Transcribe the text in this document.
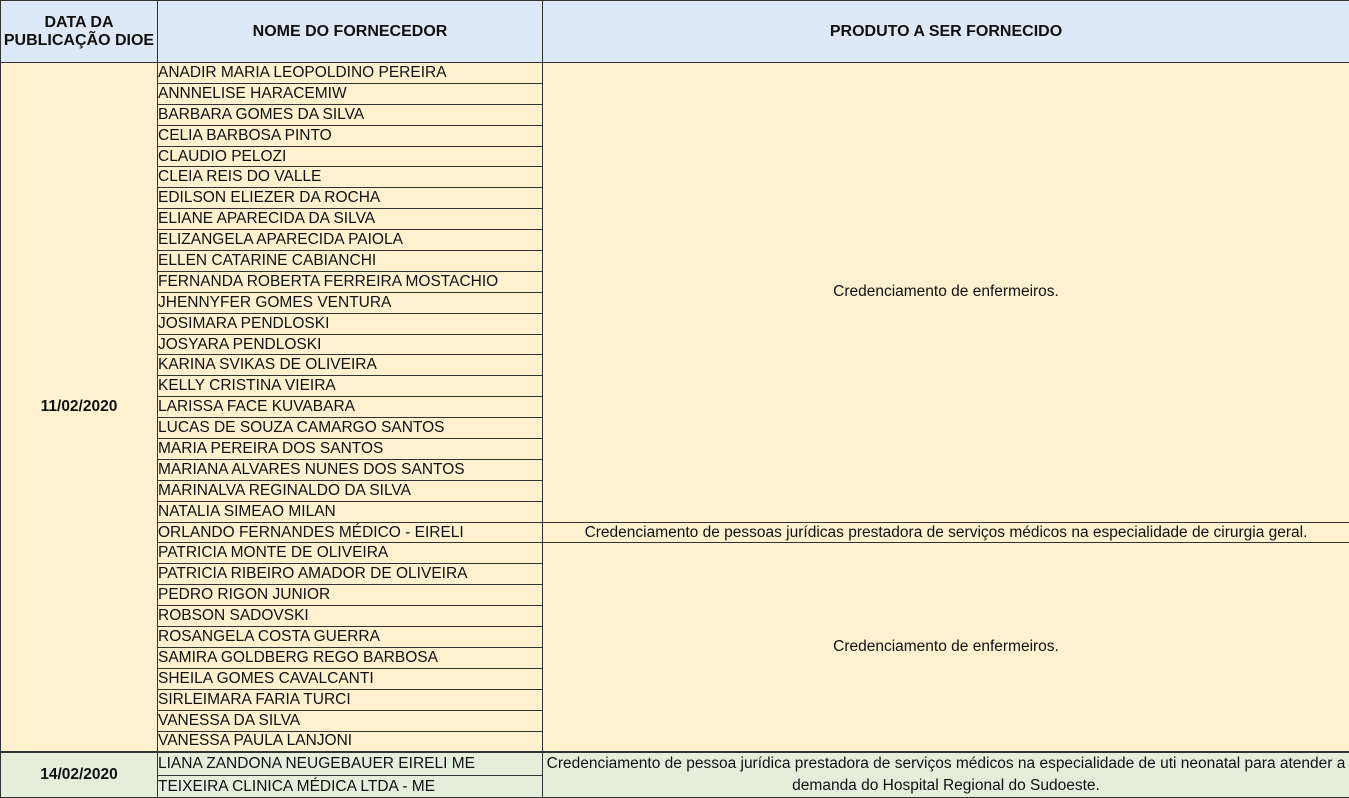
DATA DA PUBLICAÇÃO DIOE	NOME DO FORNECEDOR	PRODUTO A SER FORNECIDO
11/02/2020	ANADIR MARIA LEOPOLDINO PEREIRA	Credenciamento de enfermeiros.
	ANNNELISE HARACEMIW	
	BARBARA GOMES DA SILVA	
	CELIA BARBOSA PINTO	
	CLAUDIO PELOZI	
	CLEIA REIS DO VALLE	
	EDILSON ELIEZER DA ROCHA	
	ELIANE APARECIDA DA SILVA	
	ELIZANGELA APARECIDA PAIOLA	
	ELLEN CATARINE CABIANCHI	
	FERNANDA ROBERTA FERREIRA MOSTACHIO	
	JHENNYFER GOMES VENTURA	
	JOSIMARA PENDLOSKI	
	JOSYARA PENDLOSKI	
	KARINA SVIKAS DE OLIVEIRA	
	KELLY CRISTINA VIEIRA	
	LARISSA FACE KUVABARA	
	LUCAS DE SOUZA CAMARGO SANTOS	
	MARIA PEREIRA DOS SANTOS	
	MARIANA ALVARES NUNES DOS SANTOS	
	MARINALVA REGINALDO DA SILVA	
	NATALIA SIMEAO MILAN	
	ORLANDO FERNANDES MÉDICO - EIRELI	Credenciamento de pessoas jurídicas prestadora de serviços médicos na especialidade de cirurgia geral.
	PATRICIA MONTE DE OLIVEIRA	Credenciamento de enfermeiros.
	PATRICIA RIBEIRO AMADOR DE OLIVEIRA	
	PEDRO RIGON JUNIOR	
	ROBSON SADOVSKI	
	ROSANGELA COSTA GUERRA	
	SAMIRA GOLDBERG REGO BARBOSA	
	SHEILA GOMES CAVALCANTI	
	SIRLEIMARA FARIA TURCI	
	VANESSA DA SILVA	
	VANESSA PAULA LANJONI	
14/02/2020	LIANA ZANDONA NEUGEBAUER EIRELI ME	Credenciamento de pessoa jurídica prestadora de serviços médicos na especialidade de uti neonatal para atender a demanda do Hospital Regional do Sudoeste.
	TEIXEIRA CLINICA MÉDICA LTDA - ME	
